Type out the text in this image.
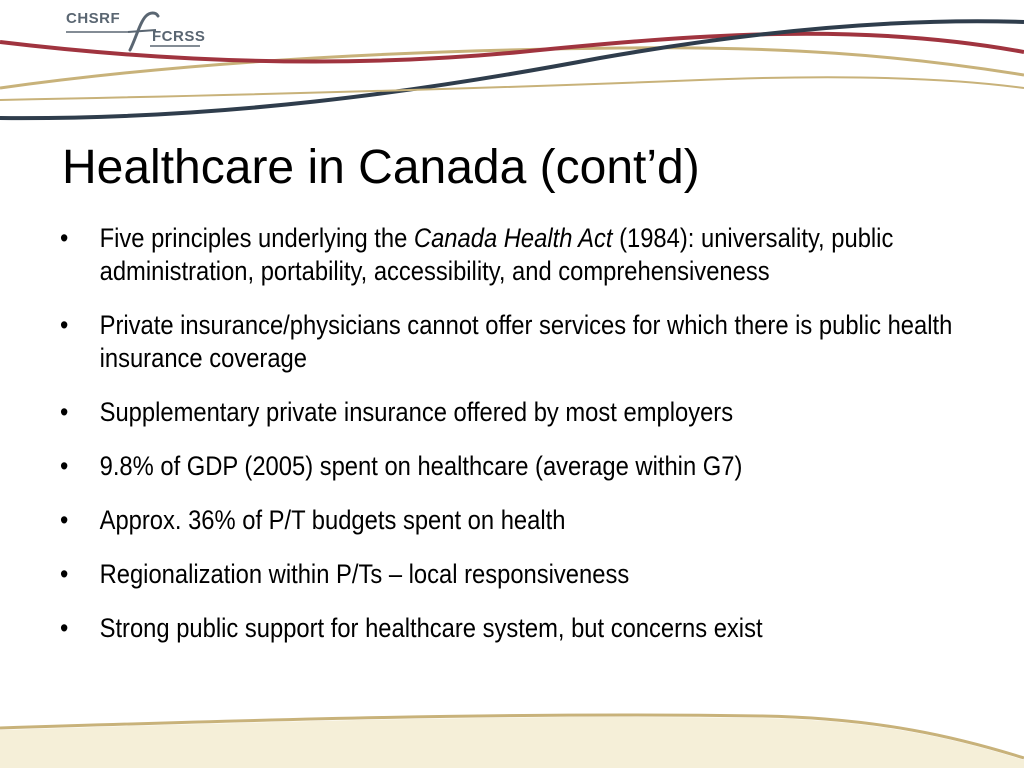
CHSRF
FCRSS
Healthcare in Canada (cont’d)
• Five principles underlying the Canada Health Act (1984): universality, public administration, portability, accessibility, and comprehensiveness
• Private insurance/physicians cannot offer services for which there is public health insurance coverage
• Supplementary private insurance offered by most employers
• 9.8% of GDP (2005) spent on healthcare (average within G7)
• Approx. 36% of P/T budgets spent on health
• Regionalization within P/Ts – local responsiveness
• Strong public support for healthcare system, but concerns exist
